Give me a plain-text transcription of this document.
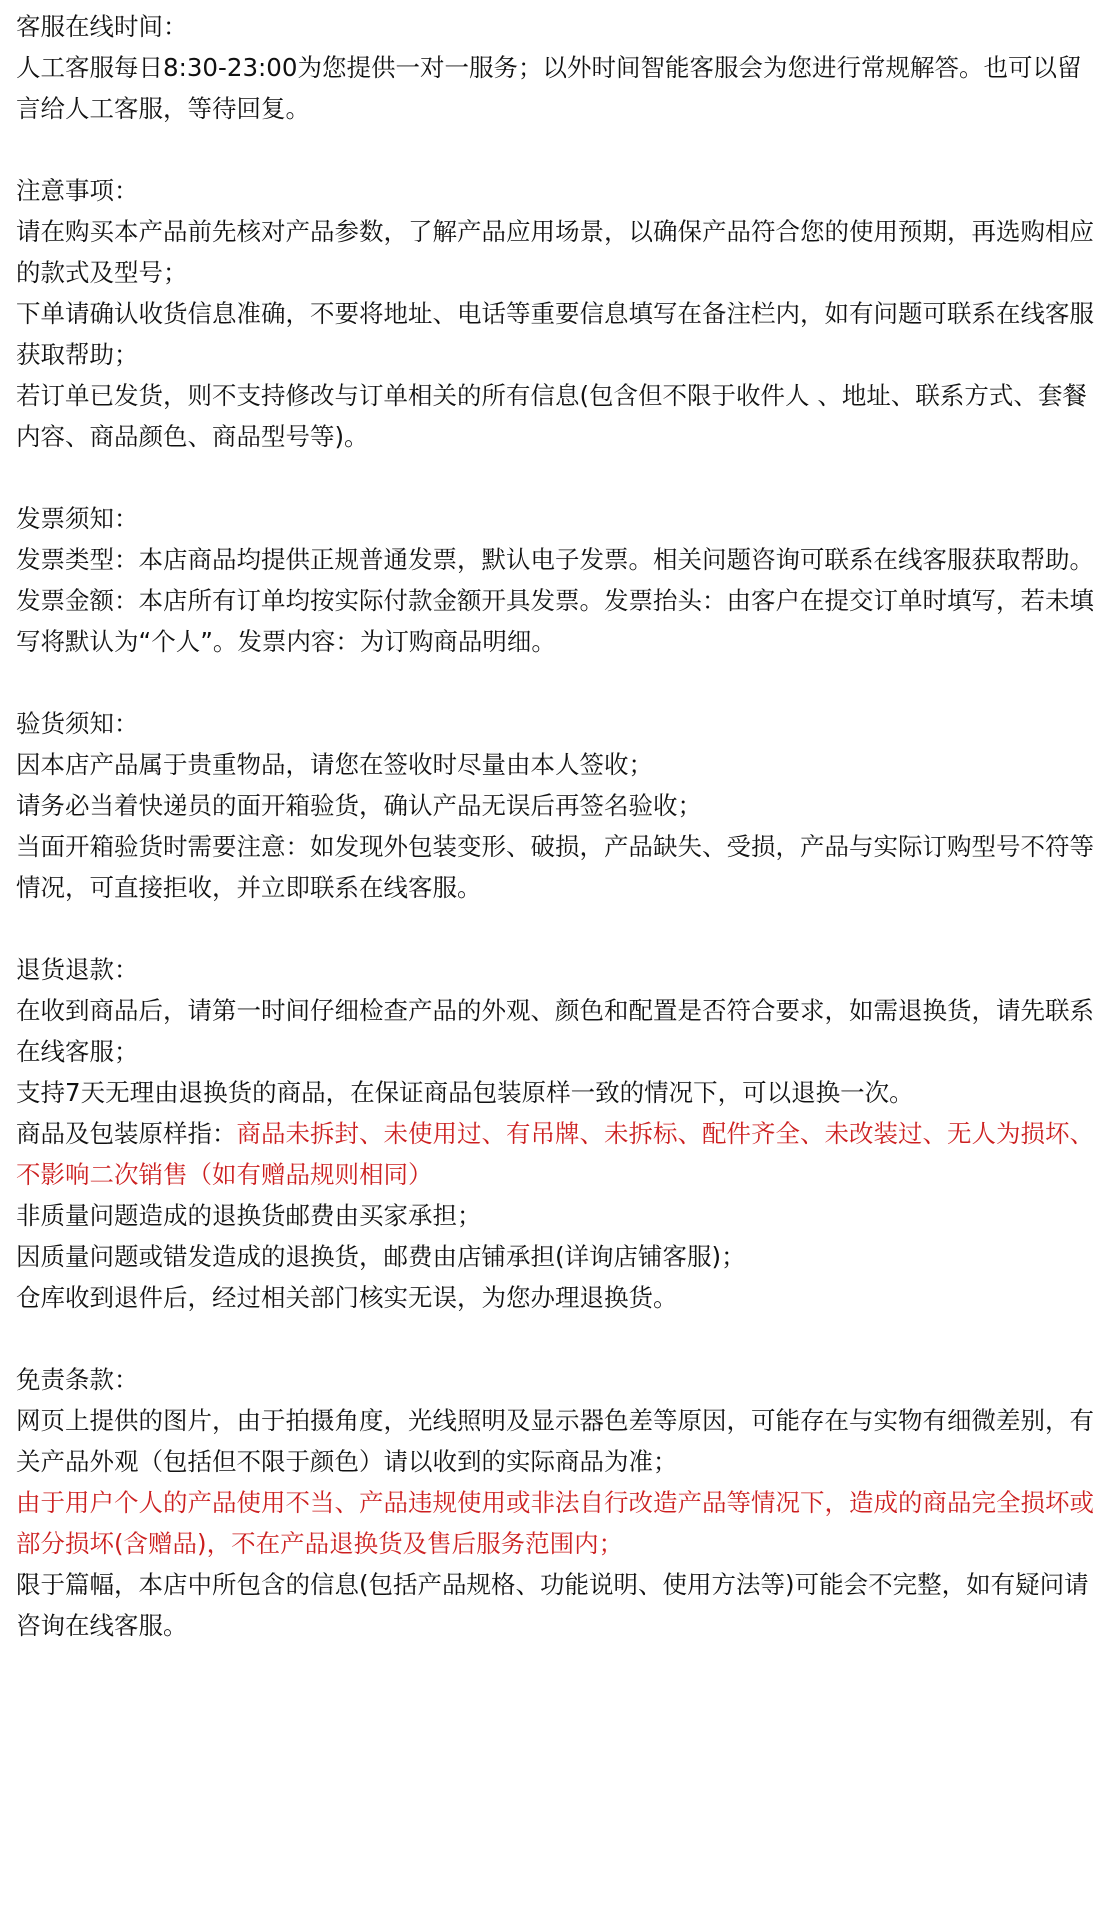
客服在线时间：
人工客服每日8:30-23:00为您提供一对一服务；以外时间智能客服会为您进行常规解答。也可以留言给人工客服，等待回复。
注意事项：
请在购买本产品前先核对产品参数，了解产品应用场景，以确保产品符合您的使用预期，再选购相应的款式及型号；
下单请确认收货信息准确，不要将地址、电话等重要信息填写在备注栏内，如有问题可联系在线客服获取帮助；
若订单已发货，则不支持修改与订单相关的所有信息(包含但不限于收件人 、地址、联系方式、套餐内容、商品颜色、商品型号等)。
发票须知：
发票类型：本店商品均提供正规普通发票，默认电子发票。相关问题咨询可联系在线客服获取帮助。发票金额：本店所有订单均按实际付款金额开具发票。发票抬头：由客户在提交订单时填写，若未填写将默认为“个人”。发票内容：为订购商品明细。
验货须知：
因本店产品属于贵重物品，请您在签收时尽量由本人签收；
请务必当着快递员的面开箱验货，确认产品无误后再签名验收；
当面开箱验货时需要注意：如发现外包装变形、破损，产品缺失、受损，产品与实际订购型号不符等情况，可直接拒收，并立即联系在线客服。
退货退款：
在收到商品后，请第一时间仔细检查产品的外观、颜色和配置是否符合要求，如需退换货，请先联系在线客服；
支持7天无理由退换货的商品，在保证商品包装原样一致的情况下，可以退换一次。
商品及包装原样指：商品未拆封、未使用过、有吊牌、未拆标、配件齐全、未改装过、无人为损坏、不影响二次销售（如有赠品规则相同）
非质量问题造成的退换货邮费由买家承担；
因质量问题或错发造成的退换货，邮费由店铺承担(详询店铺客服)；
仓库收到退件后，经过相关部门核实无误，为您办理退换货。
免责条款：
网页上提供的图片，由于拍摄角度，光线照明及显示器色差等原因，可能存在与实物有细微差别，有关产品外观（包括但不限于颜色）请以收到的实际商品为准；
由于用户个人的产品使用不当、产品违规使用或非法自行改造产品等情况下，造成的商品完全损坏或部分损坏(含赠品)，不在产品退换货及售后服务范围内；
限于篇幅，本店中所包含的信息(包括产品规格、功能说明、使用方法等)可能会不完整，如有疑问请咨询在线客服。
